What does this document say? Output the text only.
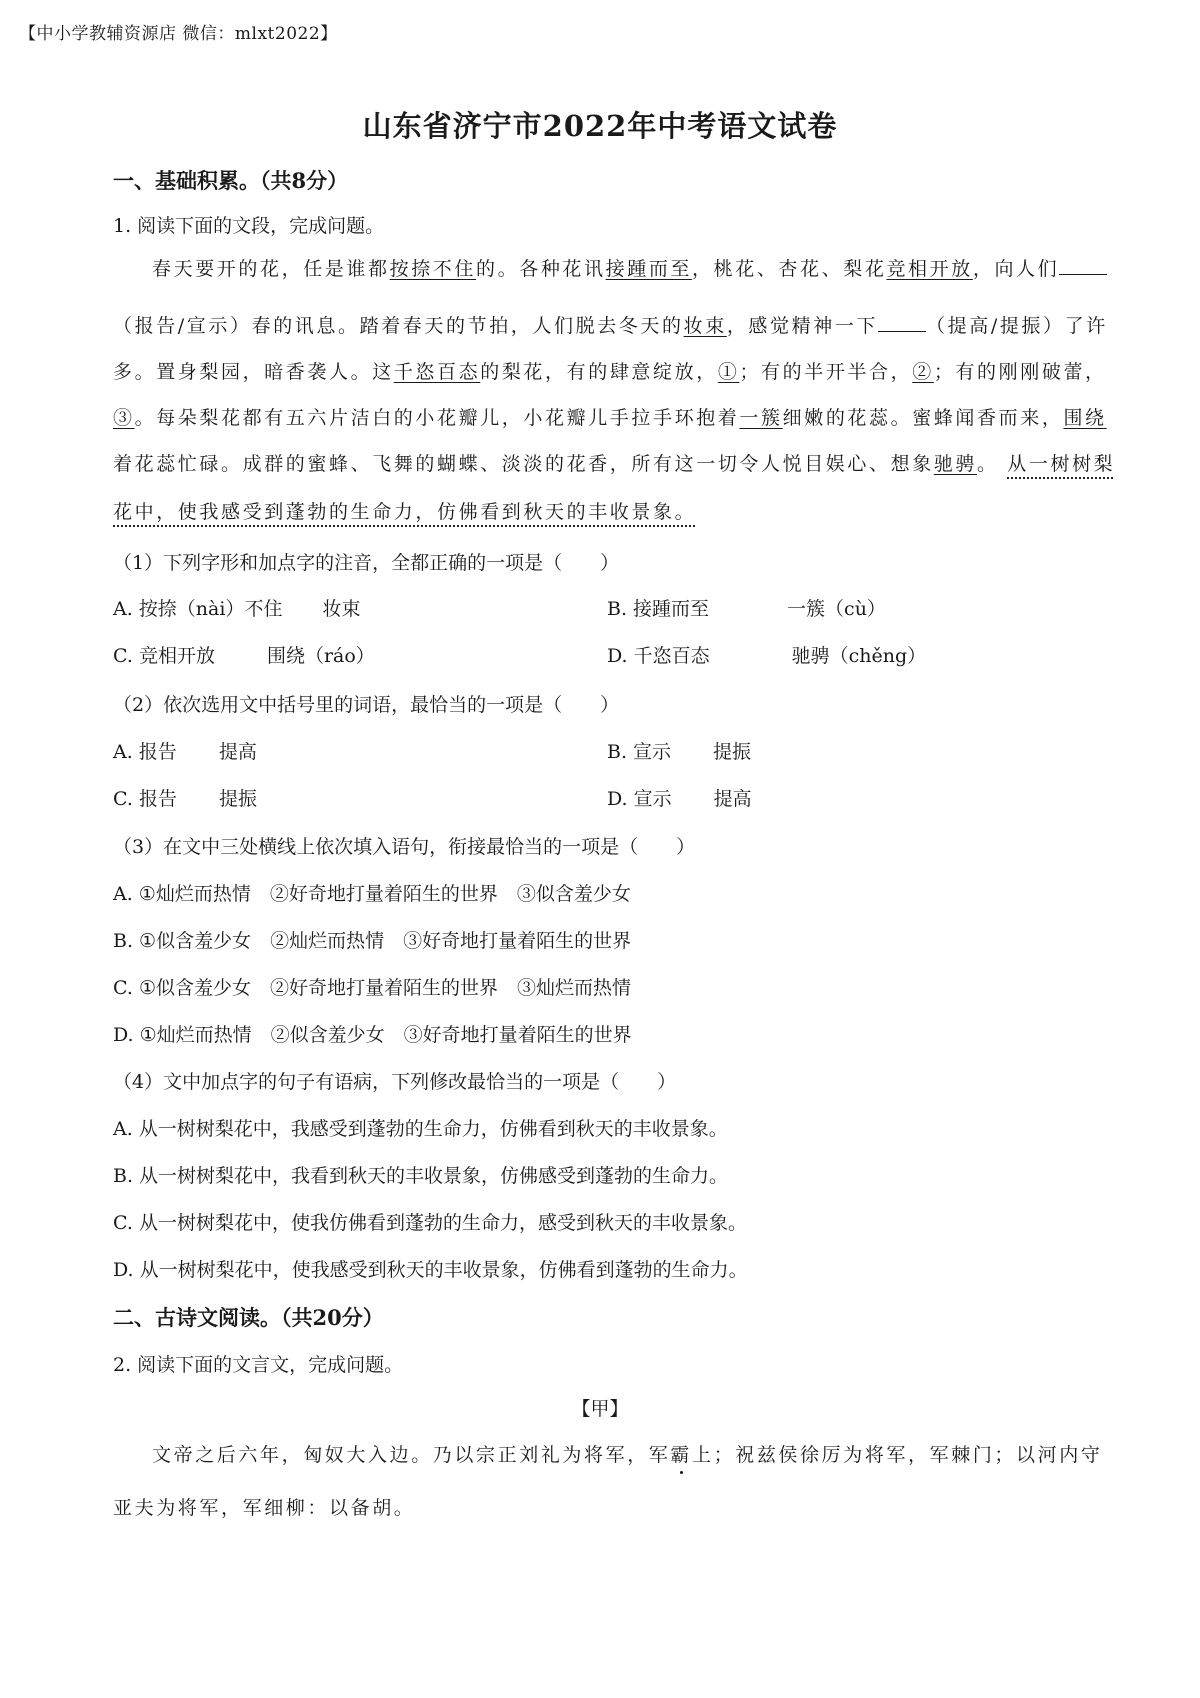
【中小学教辅资源店 微信：mlxt2022】
山东省济宁市2022年中考语文试卷
一、基础积累。（共8分）
1. 阅读下面的文段，完成问题。
春天要开的花，任是谁都按捺不住的。各种花讯接踵而至，桃花、杏花、梨花竞相开放，向人们
（报告/宣示）春的讯息。踏着春天的节拍，人们脱去冬天的妆束，感觉精神一下	（提高/提振）了许
多。置身梨园，暗香袭人。这千恣百态的梨花，有的肆意绽放，①；有的半开半合，②；有的刚刚破蕾，
③。每朵梨花都有五六片洁白的小花瓣儿，小花瓣儿手拉手环抱着一簇细嫩的花蕊。蜜蜂闻香而来，围绕
着花蕊忙碌。成群的蜜蜂、飞舞的蝴蝶、淡淡的花香，所有这一切令人悦目娱心、想象驰骋。 从一树树梨
花中，使我感受到蓬勃的生命力，仿佛看到秋天的丰收景象。
（1）下列字形和加点字的注音，全都正确的一项是（　　）
A. 按捺（nài）不住 妆束	B. 接踵而至	一簇（cù）
C. 竞相开放	围绕（ráo）	D. 千恣百态	驰骋（chěng）
（2）依次选用文中括号里的词语，最恰当的一项是（　　）
A. 报告 提高	B. 宣示 提振
C. 报告 提振	D. 宣示 提高
（3）在文中三处横线上依次填入语句，衔接最恰当的一项是（　　）
A. ①灿烂而热情　②好奇地打量着陌生的世界　③似含羞少女
B. ①似含羞少女　②灿烂而热情　③好奇地打量着陌生的世界
C. ①似含羞少女　②好奇地打量着陌生的世界　③灿烂而热情
D. ①灿烂而热情　②似含羞少女　③好奇地打量着陌生的世界
（4）文中加点字的句子有语病，下列修改最恰当的一项是（　　）
A. 从一树树梨花中，我感受到蓬勃的生命力，仿佛看到秋天的丰收景象。
B. 从一树树梨花中，我看到秋天的丰收景象，仿佛感受到蓬勃的生命力。
C. 从一树树梨花中，使我仿佛看到蓬勃的生命力，感受到秋天的丰收景象。
D. 从一树树梨花中，使我感受到秋天的丰收景象，仿佛看到蓬勃的生命力。
二、古诗文阅读。（共20分）
2. 阅读下面的文言文，完成问题。
【甲】
文帝之后六年，匈奴大入边。乃以宗正刘礼为将军，军霸上；祝兹侯徐厉为将军，军棘门；以河内守
亚夫为将军，军细柳：以备胡。
